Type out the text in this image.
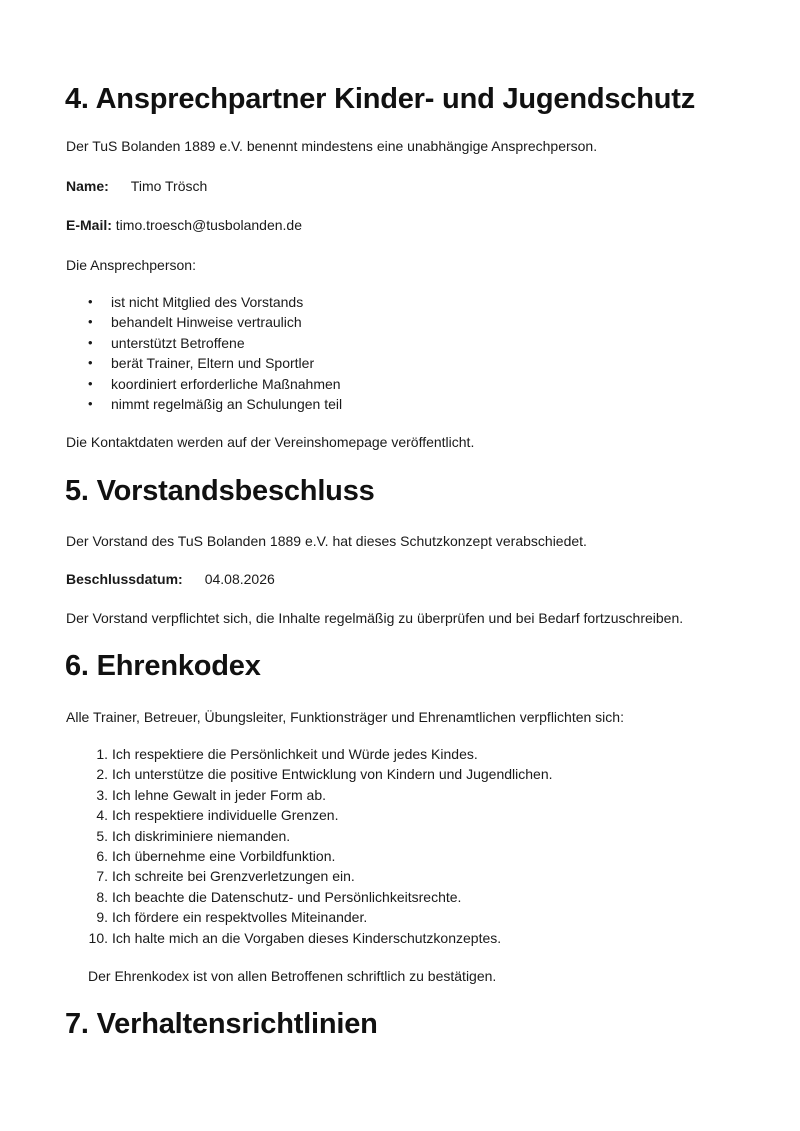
4. Ansprechpartner Kinder- und Jugendschutz

Der TuS Bolanden 1889 e.V. benennt mindestens eine unabhängige Ansprechperson.

Name: Timo Trösch

E-Mail: timo.troesch@tusbolanden.de

Die Ansprechperson:

• ist nicht Mitglied des Vorstands
• behandelt Hinweise vertraulich
• unterstützt Betroffene
• berät Trainer, Eltern und Sportler
• koordiniert erforderliche Maßnahmen
• nimmt regelmäßig an Schulungen teil

Die Kontaktdaten werden auf der Vereinshomepage veröffentlicht.

5. Vorstandsbeschluss

Der Vorstand des TuS Bolanden 1889 e.V. hat dieses Schutzkonzept verabschiedet.

Beschlussdatum: 04.08.2026

Der Vorstand verpflichtet sich, die Inhalte regelmäßig zu überprüfen und bei Bedarf fortzuschreiben.

6. Ehrenkodex

Alle Trainer, Betreuer, Übungsleiter, Funktionsträger und Ehrenamtlichen verpflichten sich:

1. Ich respektiere die Persönlichkeit und Würde jedes Kindes.
2. Ich unterstütze die positive Entwicklung von Kindern und Jugendlichen.
3. Ich lehne Gewalt in jeder Form ab.
4. Ich respektiere individuelle Grenzen.
5. Ich diskriminiere niemanden.
6. Ich übernehme eine Vorbildfunktion.
7. Ich schreite bei Grenzverletzungen ein.
8. Ich beachte die Datenschutz- und Persönlichkeitsrechte.
9. Ich fördere ein respektvolles Miteinander.
10. Ich halte mich an die Vorgaben dieses Kinderschutzkonzeptes.

Der Ehrenkodex ist von allen Betroffenen schriftlich zu bestätigen.

7. Verhaltensrichtlinien
